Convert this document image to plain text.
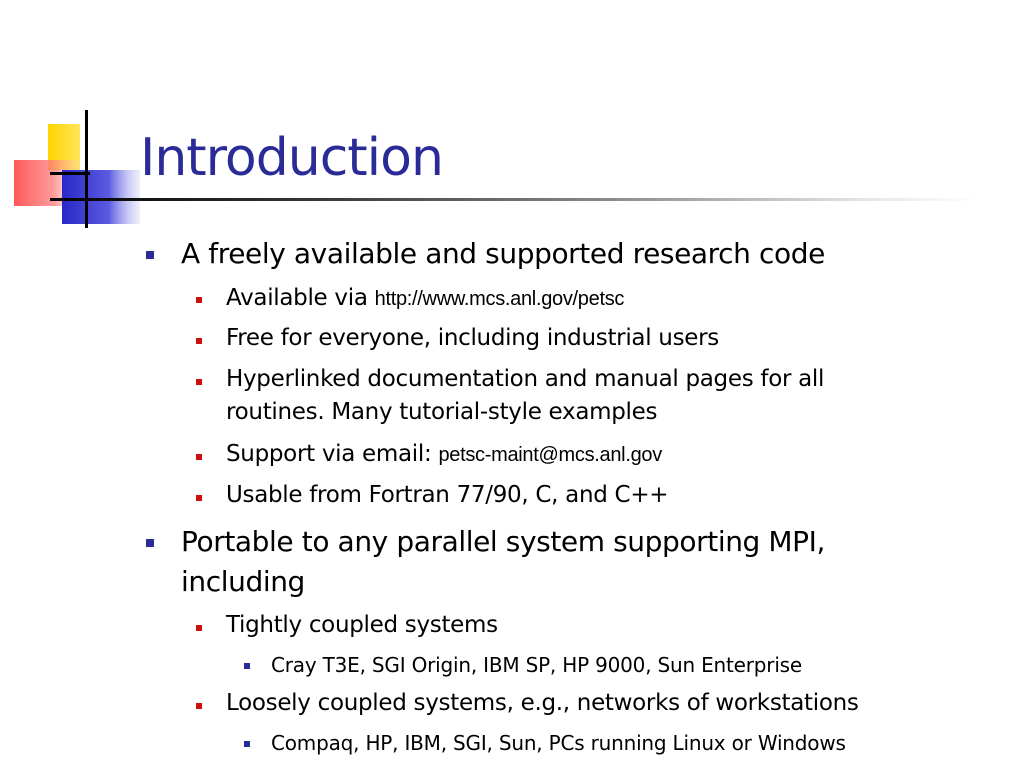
Introduction
A freely available and supported research code
Available via http://www.mcs.anl.gov/petsc
Free for everyone, including industrial users
Hyperlinked documentation and manual pages for all
routines. Many tutorial-style examples
Support via email: petsc-maint@mcs.anl.gov
Usable from Fortran 77/90, C, and C++
Portable to any parallel system supporting MPI,
including
Tightly coupled systems
Cray T3E, SGI Origin, IBM SP, HP 9000, Sun Enterprise
Loosely coupled systems, e.g., networks of workstations
Compaq, HP, IBM, SGI, Sun, PCs running Linux or Windows
